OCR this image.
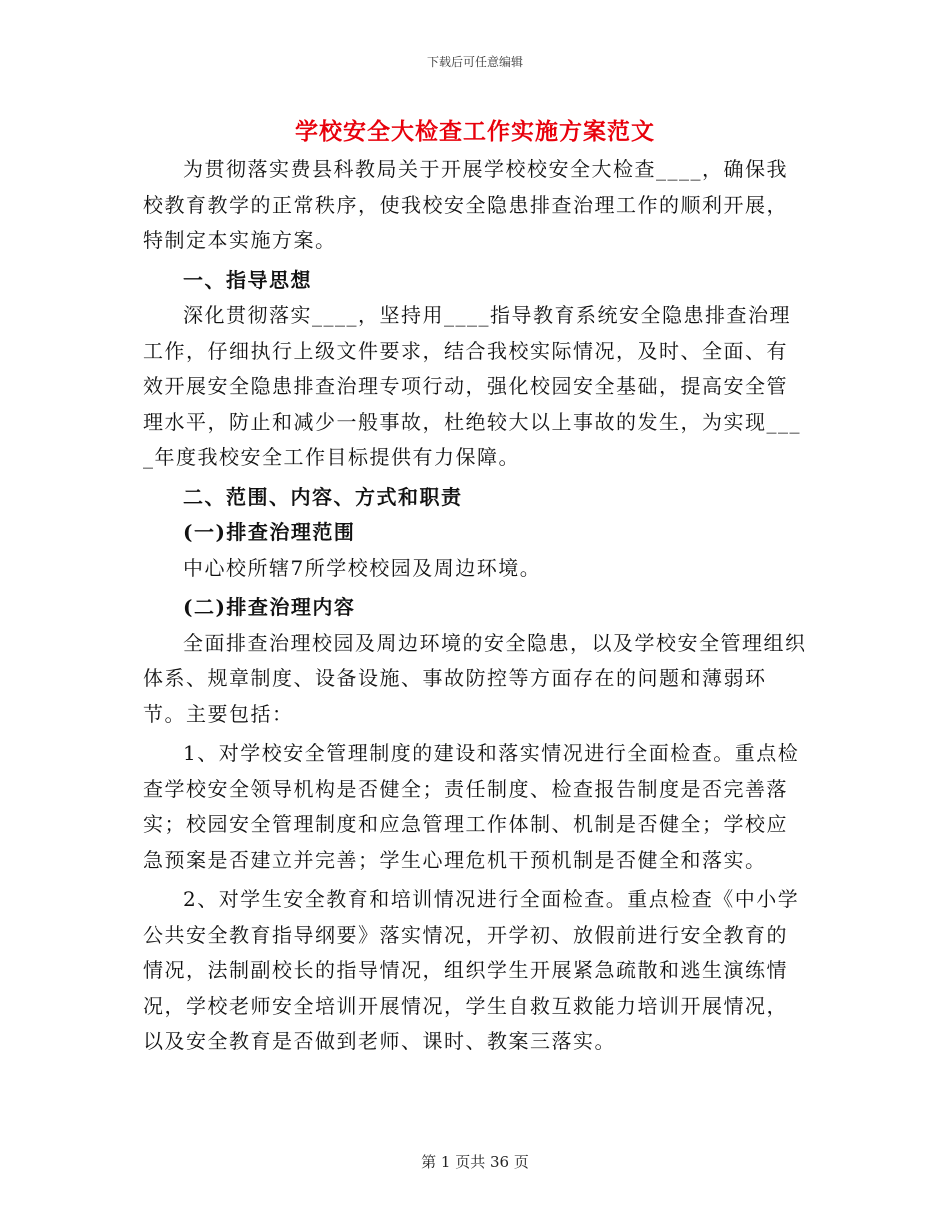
下载后可任意编辑
学校安全大检查工作实施方案范文

为贯彻落实费县科教局关于开展学校校安全大检查____，确保我校教育教学的正常秩序，使我校安全隐患排查治理工作的顺利开展，特制定本实施方案。

一、指导思想

深化贯彻落实____，坚持用____指导教育系统安全隐患排查治理工作，仔细执行上级文件要求，结合我校实际情况，及时、全面、有效开展安全隐患排查治理专项行动，强化校园安全基础，提高安全管理水平，防止和减少一般事故，杜绝较大以上事故的发生，为实现____年度我校安全工作目标提供有力保障。

二、范围、内容、方式和职责
(一)排查治理范围

中心校所辖7所学校校园及周边环境。

(二)排查治理内容

全面排查治理校园及周边环境的安全隐患，以及学校安全管理组织体系、规章制度、设备设施、事故防控等方面存在的问题和薄弱环节。主要包括：

1、对学校安全管理制度的建设和落实情况进行全面检查。重点检查学校安全领导机构是否健全；责任制度、检查报告制度是否完善落实；校园安全管理制度和应急管理工作体制、机制是否健全；学校应急预案是否建立并完善；学生心理危机干预机制是否健全和落实。

2、对学生安全教育和培训情况进行全面检查。重点检查《中小学公共安全教育指导纲要》落实情况，开学初、放假前进行安全教育的情况，法制副校长的指导情况，组织学生开展紧急疏散和逃生演练情况，学校老师安全培训开展情况，学生自救互救能力培训开展情况，以及安全教育是否做到老师、课时、教案三落实。

第 1 页共 36 页
